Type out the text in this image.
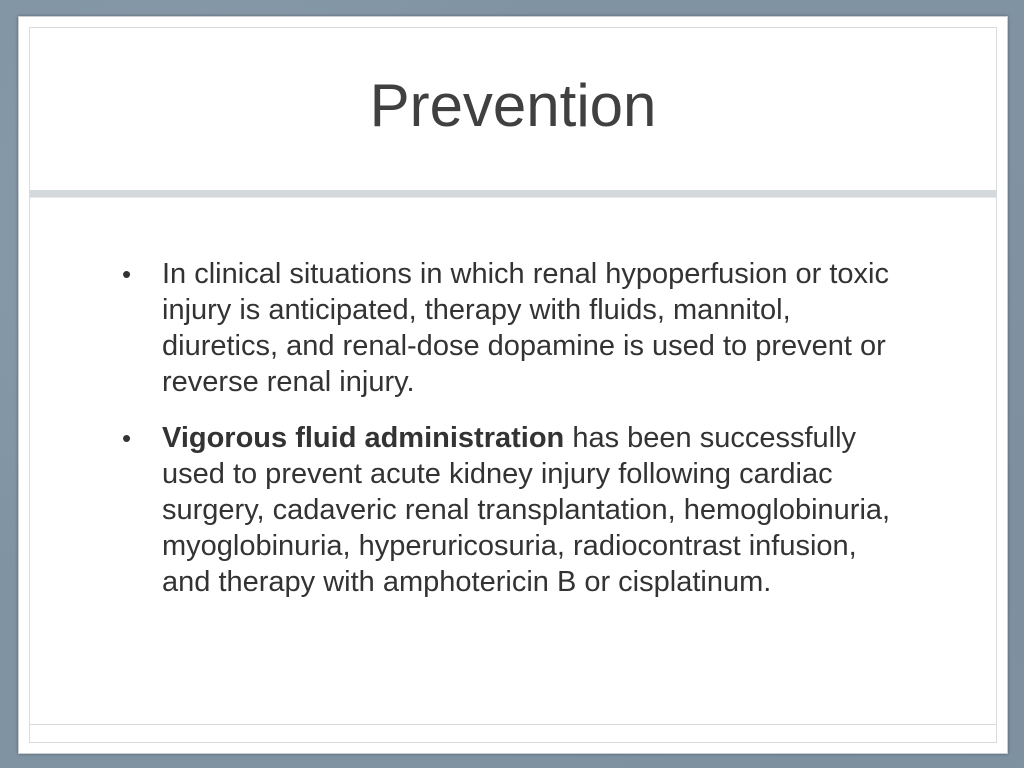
Prevention

• In clinical situations in which renal hypoperfusion or toxic injury is anticipated, therapy with fluids, mannitol, diuretics, and renal-dose dopamine is used to prevent or reverse renal injury.

• Vigorous fluid administration has been successfully used to prevent acute kidney injury following cardiac surgery, cadaveric renal transplantation, hemoglobinuria, myoglobinuria, hyperuricosuria, radiocontrast infusion, and therapy with amphotericin B or cisplatinum.
